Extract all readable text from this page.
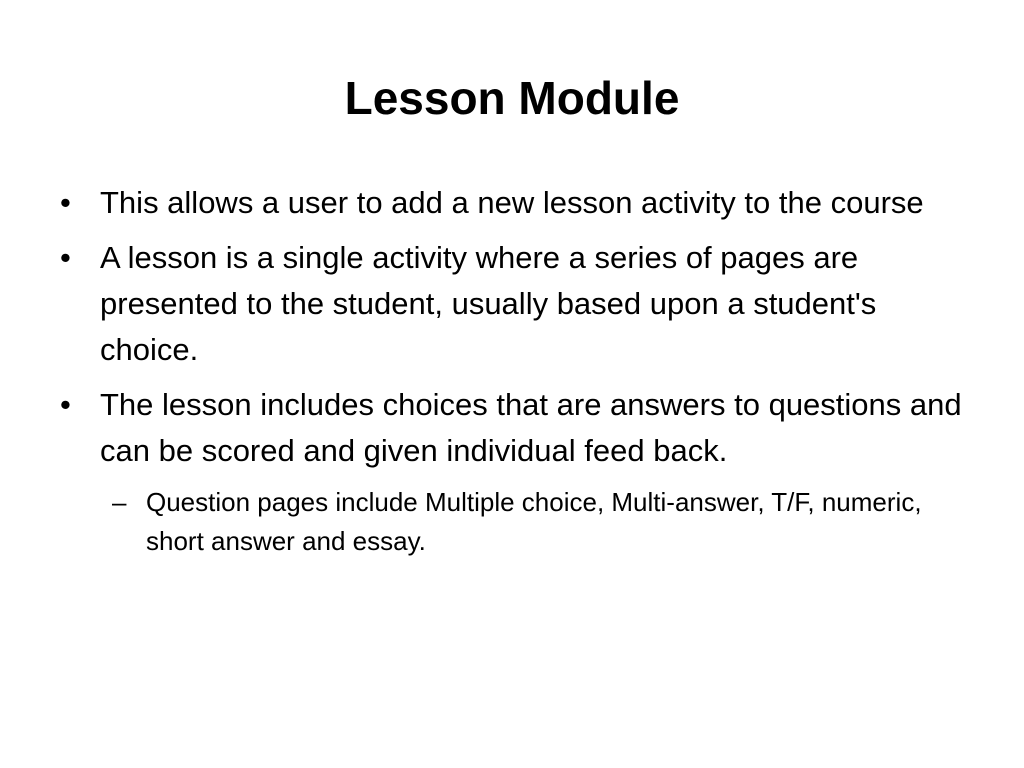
Lesson Module
• This allows a user to add a new lesson activity to the course
• A lesson is a single activity where a series of pages are presented to the student, usually based upon a student's choice.
• The lesson includes choices that are answers to questions and can be scored and given individual feed back.
– Question pages include Multiple choice, Multi-answer, T/F, numeric, short answer and essay.
